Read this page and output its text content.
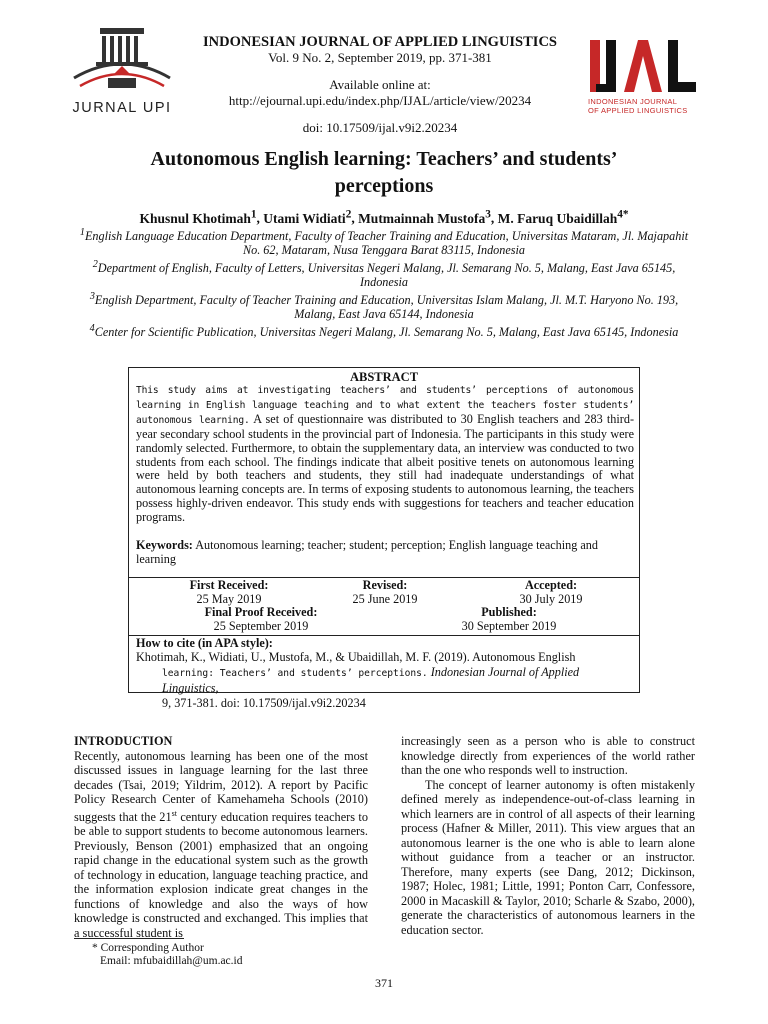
JURNAL UPI
INDONESIAN JOURNAL OF APPLIED LINGUISTICS
Vol. 9 No. 2, September 2019, pp. 371-381
Available online at:
http://ejournal.upi.edu/index.php/IJAL/article/view/20234
doi: 10.17509/ijal.v9i2.20234
INDONESIAN JOURNAL
OF APPLIED LINGUISTICS
Autonomous English learning: Teachers’ and students’
perceptions
Khusnul Khotimah$^1$, Utami Widiati$^2$, Mutmainnah Mustofa$^3$, M. Faruq Ubaidillah$^{4*}$

$^1$English Language Education Department, Faculty of Teacher Training and Education, Universitas Mataram, Jl. Majapahit No. 62, Mataram, Nusa Tenggara Barat 83115, Indonesia

$^2$Department of English, Faculty of Letters, Universitas Negeri Malang, Jl. Semarang No. 5, Malang, East Java 65145, Indonesia

$^3$English Department, Faculty of Teacher Training and Education, Universitas Islam Malang, Jl. M.T. Haryono No. 193, Malang, East Java 65144, Indonesia

$^4$Center for Scientific Publication, Universitas Negeri Malang, Jl. Semarang No. 5, Malang, East Java 65145, Indonesia

ABSTRACT
This study aims at investigating teachers’ and students’ perceptions of autonomous learning in English language teaching and to what extent the teachers foster students’ autonomous learning. A set of questionnaire was distributed to 30 English teachers and 283 third-year secondary school students in the provincial part of Indonesia. The participants in this study were randomly selected. Furthermore, to obtain the supplementary data, an interview was conducted to two students from each school. The findings indicate that albeit positive tenets on autonomous learning were held by both teachers and students, they still had inadequate understandings of what autonomous learning concepts are. In terms of exposing students to autonomous learning, the teachers possess highly-driven endeavor. This study ends with suggestions for teachers and teacher education programs.
Keywords: Autonomous learning; teacher; student; perception; English language teaching and learning
First Received:
25 May 2019
Revised:
25 June 2019
Accepted:
30 July 2019
Final Proof Received:
25 September 2019
Published:
30 September 2019
How to cite (in APA style):
Khotimah, K., Widiati, U., Mustofa, M., & Ubaidillah, M. F. (2019). Autonomous English
learning: Teachers’ and students’ perceptions. Indonesian Journal of Applied Linguistics,
9, 371-381. doi: 10.17509/ijal.v9i2.20234
INTRODUCTION

Recently, autonomous learning has been one of the most discussed issues in language learning for the last three decades (Tsai, 2019; Yildrim, 2012). A report by Pacific Policy Research Center of Kamehameha Schools (2010) suggests that the 21st century education requires teachers to be able to support students to become autonomous learners. Previously, Benson (2001) emphasized that an ongoing rapid change in the educational system such as the growth of technology in education, language teaching practice, and the information explosion indicate great changes in the functions of knowledge and also the ways of how knowledge is constructed and exchanged. This implies that a successful student is

increasingly seen as a person who is able to construct knowledge directly from experiences of the world rather than the one who responds well to instruction.

The concept of learner autonomy is often mistakenly defined merely as independence-out-of-class learning in which learners are in control of all aspects of their learning process (Hafner & Miller, 2011). This view argues that an autonomous learner is the one who is able to learn alone without guidance from a teacher or an instructor. Therefore, many experts (see Dang, 2012; Dickinson, 1987; Holec, 1981; Little, 1991; Ponton Carr, Confessore, 2000 in Macaskill & Taylor, 2010; Scharle & Szabo, 2000), generate the characteristics of autonomous learners in the education sector.

* Corresponding Author
Email: mfubaidillah@um.ac.id
371
